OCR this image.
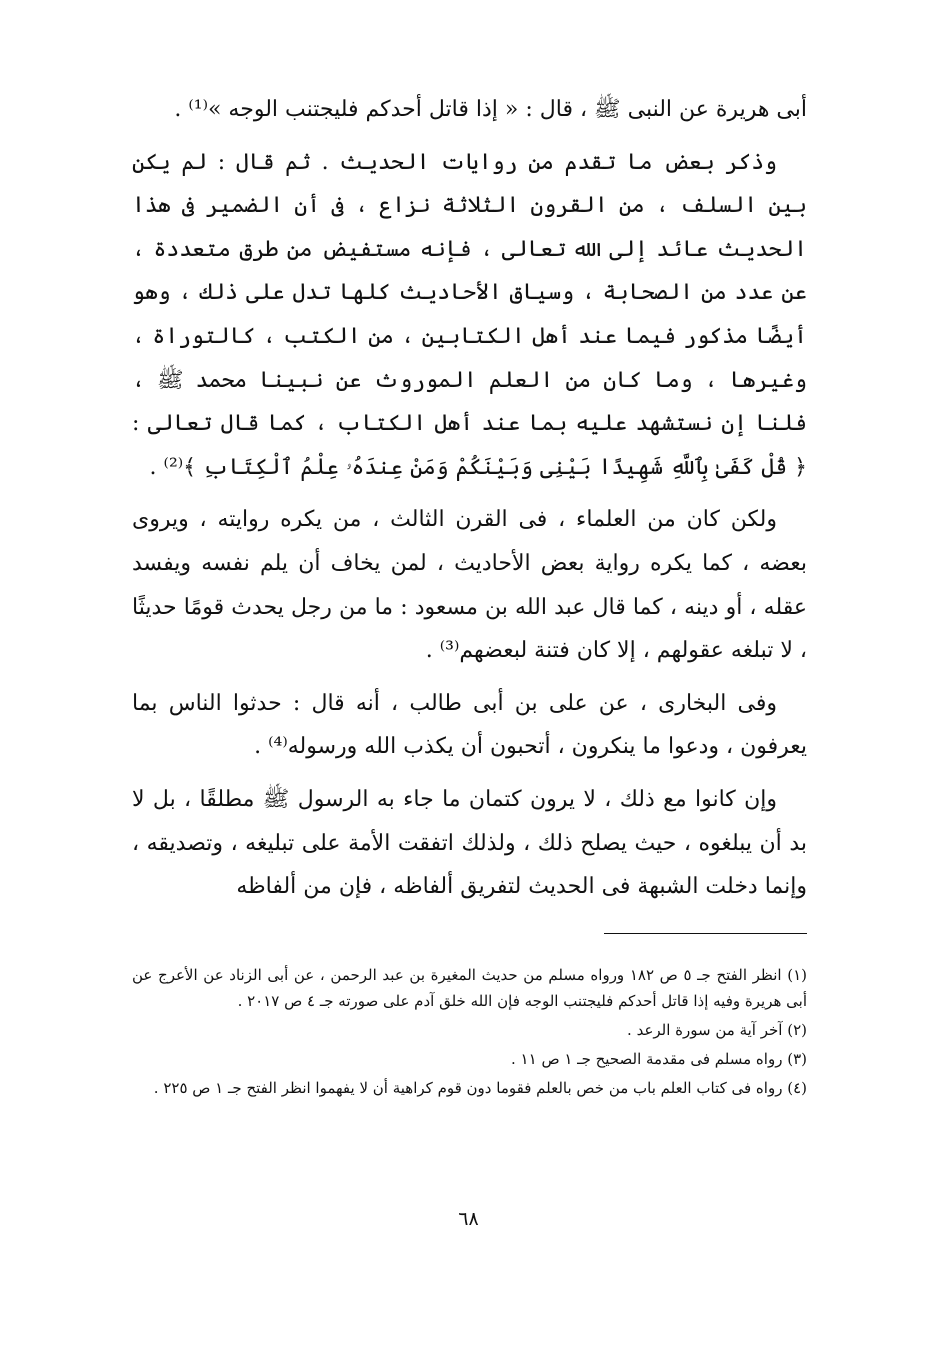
أبى هريرة عن النبى ﷺ ، قال : « إذا قاتل أحدكم فليجتنب الوجه »⁽¹⁾ .

وذكر بعض ما تقدم من روايات الحديث . ثم قال : لم يكن بين السلف ، من القرون الثلاثة نزاع ، فى أن الضمير فى هذا الحديث عائد إلى الله تعالى ، فإنه مستفيض من طرق متعددة ، عن عدد من الصحابة ، وسياق الأحاديث كلها تدل على ذلك ، وهو أيضًا مذكور فيما عند أهل الكتابين ، من الكتب ، كالتوراة ، وغيرها ، وما كان من العلم الموروث عن نبينا محمد ﷺ ، فلنا إن نستشهد عليه بما عند أهل الكتاب ، كما قال تعالى : ﴿ قُلْ كَفَىٰ بِٱللَّهِ شَهِيدًا بَيْنِى وَبَيْنَكُمْ وَمَنْ عِندَهُۥ عِلْمُ ٱلْكِتَابِ ﴾⁽²⁾ .

ولكن كان من العلماء ، فى القرن الثالث ، من يكره روايته ، ويروى بعضه ، كما يكره رواية بعض الأحاديث ، لمن يخاف أن يلم نفسه ويفسد عقله ، أو دينه ، كما قال عبد الله بن مسعود : ما من رجل يحدث قومًا حديثًا ، لا تبلغه عقولهم ، إلا كان فتنة لبعضهم⁽³⁾ .

وفى البخارى ، عن على بن أبى طالب ، أنه قال : حدثوا الناس بما يعرفون ، ودعوا ما ينكرون ، أتحبون أن يكذب الله ورسوله⁽⁴⁾ .

وإن كانوا مع ذلك ، لا يرون كتمان ما جاء به الرسول ﷺ مطلقًا ، بل لا بد أن يبلغوه ، حيث يصلح ذلك ، ولذلك اتفقت الأمة على تبليغه ، وتصديقه ، وإنما دخلت الشبهة فى الحديث لتفريق ألفاظه ، فإن من ألفاظه

(١) انظر الفتح جـ ٥ ص ١٨٢ ورواه مسلم من حديث المغيرة بن عبد الرحمن ، عن أبى الزناد عن الأعرج عن أبى هريرة وفيه إذا قاتل أحدكم فليجتنب الوجه فإن الله خلق آدم على صورته جـ ٤ ص ٢٠١٧ .

(٢) آخر آية من سورة الرعد .

(٣) رواه مسلم فى مقدمة الصحيح جـ ١ ص ١١ .

(٤) رواه فى كتاب العلم باب من خص بالعلم فقوما دون قوم كراهية أن لا يفهموا انظر الفتح جـ ١ ص ٢٢٥ .

٦٨
